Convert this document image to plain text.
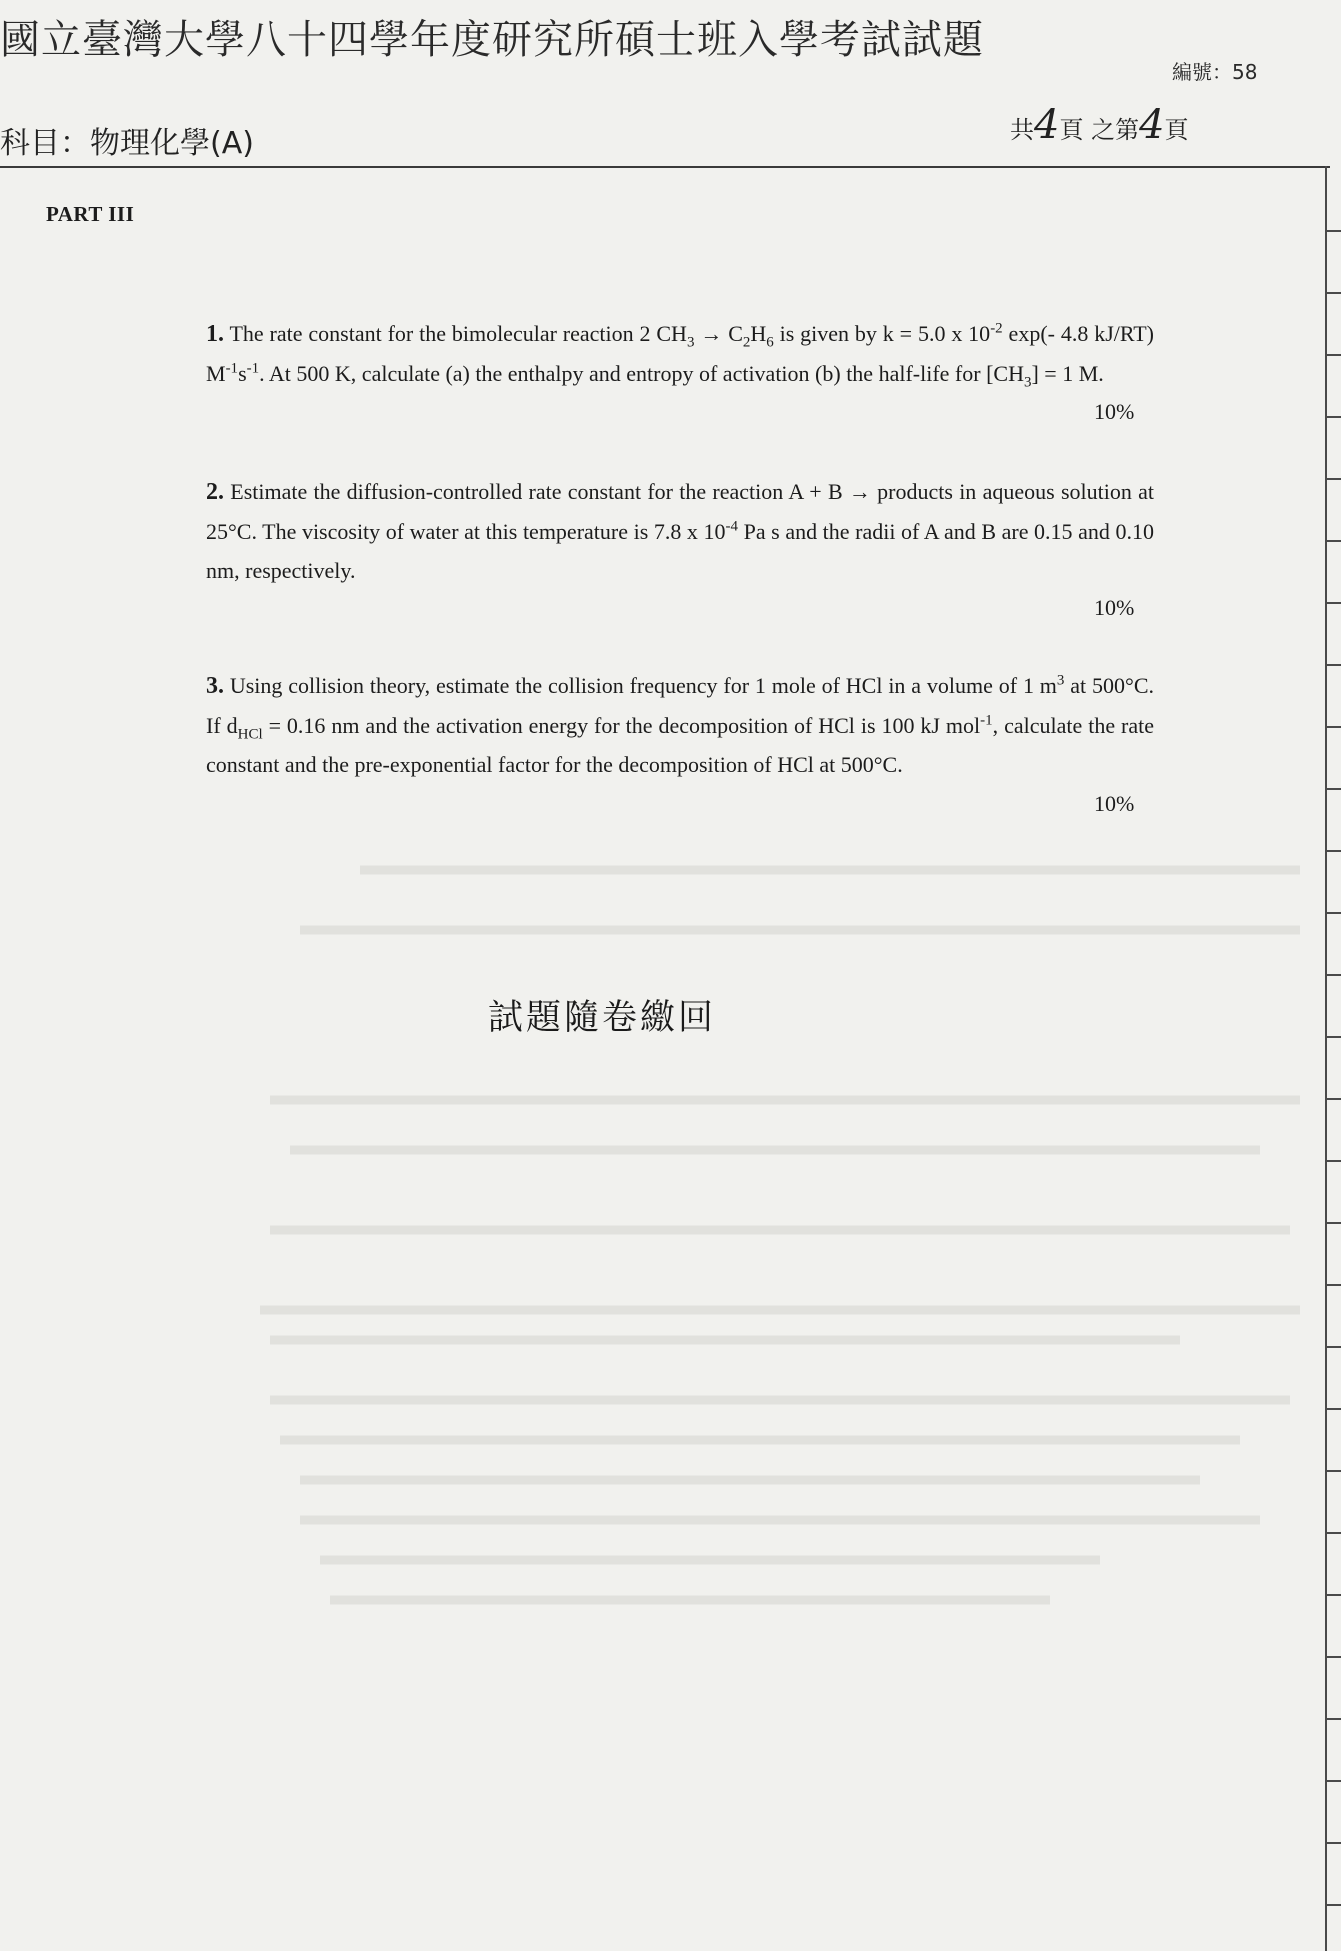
國立臺灣大學八十四學年度研究所碩士班入學考試試題
編號：58
科目：物理化學(A)	共4頁 之第4頁
PART III
1. The rate constant for the bimolecular reaction 2 $CH_3 \to C_2H_6$ is given by k = 5.0 x $10^{-2}$ exp(- 4.8 kJ/RT) $M^{-1}s^{-1}$. At 500 K, calculate (a) the enthalpy and entropy of activation (b) the half-life for $[CH_3] = 1$ M.
10%
2. Estimate the diffusion-controlled rate constant for the reaction A + B → products in aqueous solution at 25°C. The viscosity of water at this temperature is 7.8 x $10^{-4}$ Pa s and the radii of A and B are 0.15 and 0.10 nm, respectively.
10%
3. Using collision theory, estimate the collision frequency for 1 mole of HCl in a volume of 1 $m^3$ at 500°C. If $d_{HCl} = 0.16$ nm and the activation energy for the decomposition of HCl is 100 kJ mol$^{-1}$, calculate the rate constant and the pre-exponential factor for the decomposition of HCl at 500°C.
10%
試題隨卷繳回
